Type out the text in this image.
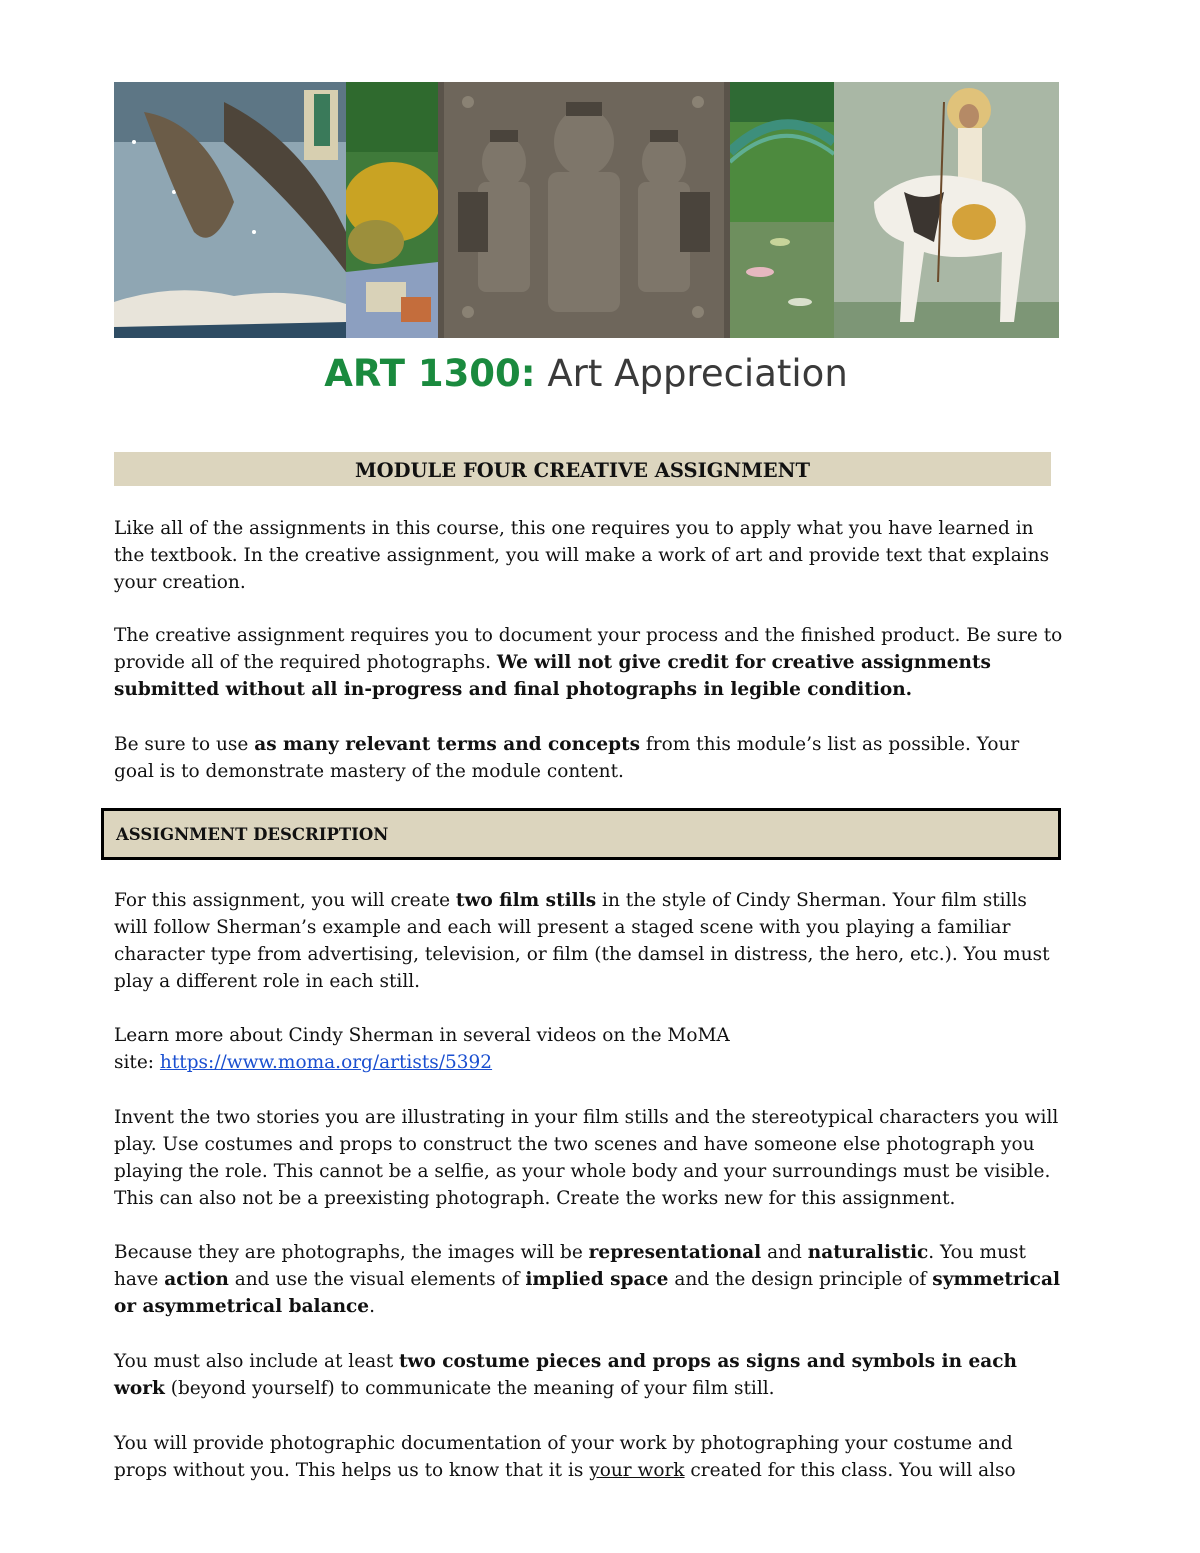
ART 1300: Art Appreciation
MODULE FOUR CREATIVE ASSIGNMENT

Like all of the assignments in this course, this one requires you to apply what you have learned in the textbook. In the creative assignment, you will make a work of art and provide text that explains your creation.

The creative assignment requires you to document your process and the finished product. Be sure to provide all of the required photographs. We will not give credit for creative assignments submitted without all in-progress and final photographs in legible condition.

Be sure to use as many relevant terms and concepts from this module’s list as possible. Your goal is to demonstrate mastery of the module content.

ASSIGNMENT DESCRIPTION

For this assignment, you will create two film stills in the style of Cindy Sherman. Your film stills will follow Sherman’s example and each will present a staged scene with you playing a familiar character type from advertising, television, or film (the damsel in distress, the hero, etc.). You must play a different role in each still.

Learn more about Cindy Sherman in several videos on the MoMA

site: https://www.moma.org/artists/5392

Invent the two stories you are illustrating in your film stills and the stereotypical characters you will play. Use costumes and props to construct the two scenes and have someone else photograph you playing the role. This cannot be a selfie, as your whole body and your surroundings must be visible. This can also not be a preexisting photograph. Create the works new for this assignment.

Because they are photographs, the images will be representational and naturalistic. You must have action and use the visual elements of implied space and the design principle of symmetrical or asymmetrical balance.

You must also include at least two costume pieces and props as signs and symbols in each work (beyond yourself) to communicate the meaning of your film still.

You will provide photographic documentation of your work by photographing your costume and props without you. This helps us to know that it is your work created for this class. You will also
